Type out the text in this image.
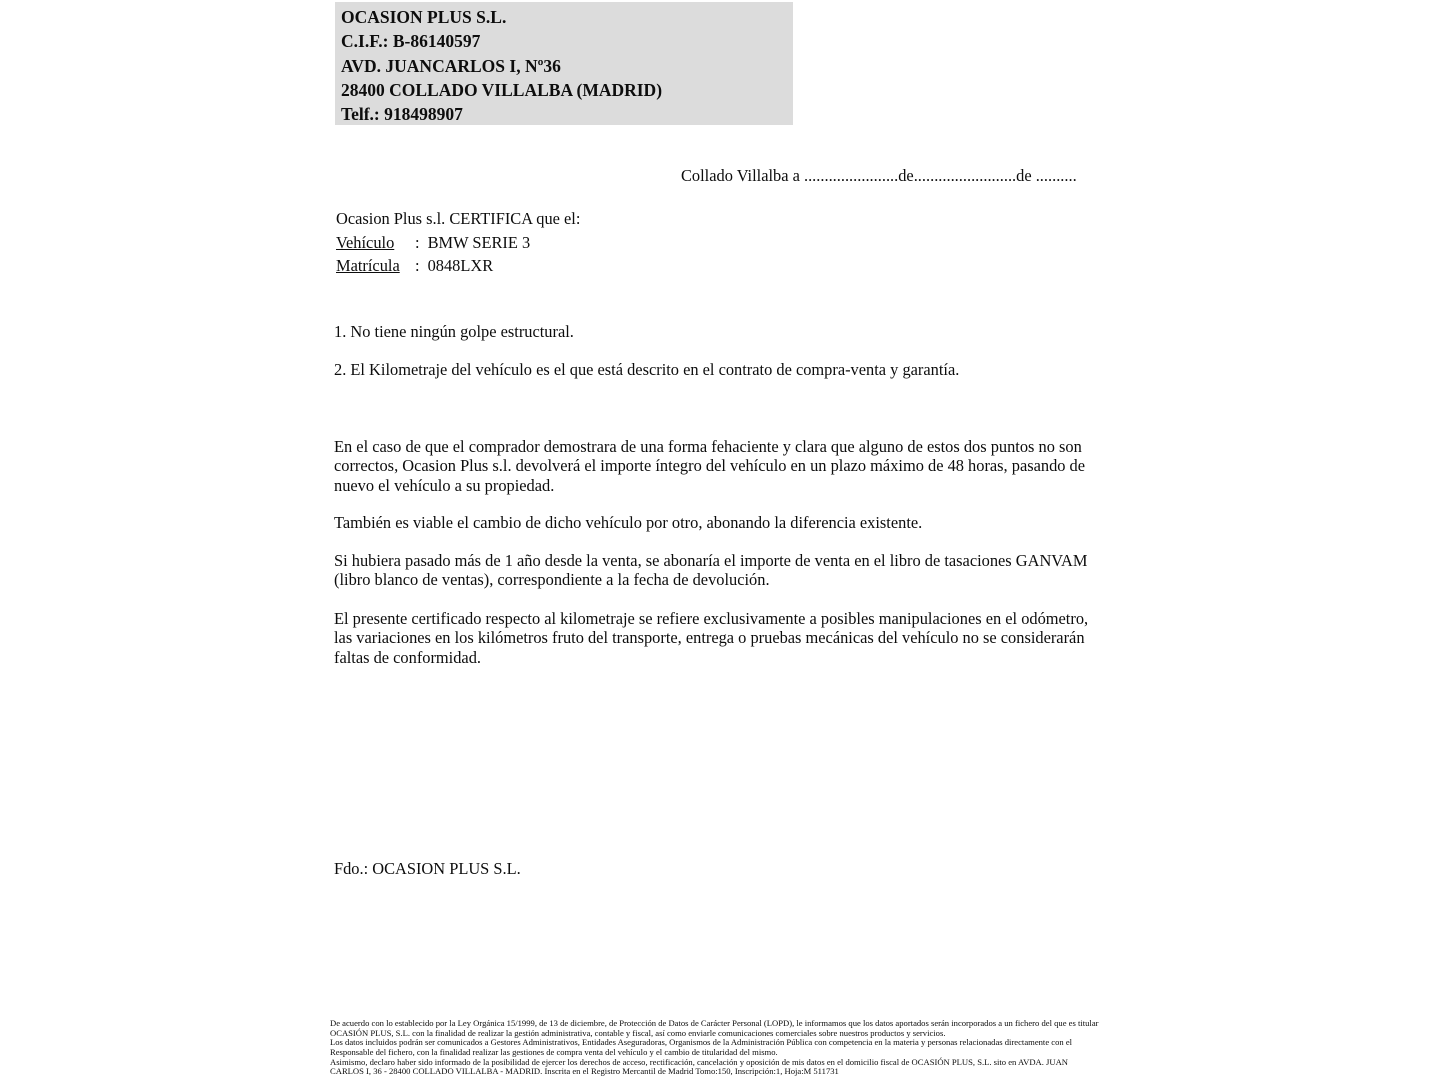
OCASION PLUS S.L.
C.I.F.: B-86140597
AVD. JUANCARLOS I, Nº36
28400 COLLADO VILLALBA (MADRID)
Telf.: 918498907
Collado Villalba a .......................de.........................de ..........
Ocasion Plus s.l. CERTIFICA que el:
Vehículo : BMW SERIE 3
Matrícula : 0848LXR
1. No tiene ningún golpe estructural.
2. El Kilometraje del vehículo es el que está descrito en el contrato de compra-venta y garantía.
En el caso de que el comprador demostrara de una forma fehaciente y clara que alguno de estos dos puntos no son correctos, Ocasion Plus s.l. devolverá el importe íntegro del vehículo en un plazo máximo de 48 horas, pasando de nuevo el vehículo a su propiedad.
También es viable el cambio de dicho vehículo por otro, abonando la diferencia existente.
Si hubiera pasado más de 1 año desde la venta, se abonaría el importe de venta en el libro de tasaciones GANVAM (libro blanco de ventas), correspondiente a la fecha de devolución.
El presente certificado respecto al kilometraje se refiere exclusivamente a posibles manipulaciones en el odómetro, las variaciones en los kilómetros fruto del transporte, entrega o pruebas mecánicas del vehículo no se considerarán faltas de conformidad.
Fdo.: OCASION PLUS S.L.
De acuerdo con lo establecido por la Ley Orgánica 15/1999, de 13 de diciembre, de Protección de Datos de Carácter Personal (LOPD), le informamos que los datos aportados serán incorporados a un fichero del que es titular
OCASIÓN PLUS, S.L. con la finalidad de realizar la gestión administrativa, contable y fiscal, así como enviarle comunicaciones comerciales sobre nuestros productos y servicios.
Los datos incluidos podrán ser comunicados a Gestores Administrativos, Entidades Aseguradoras, Organismos de la Administración Pública con competencia en la materia y personas relacionadas directamente con el
Responsable del fichero, con la finalidad realizar las gestiones de compra venta del vehículo y el cambio de titularidad del mismo.
Asimismo, declaro haber sido informado de la posibilidad de ejercer los derechos de acceso, rectificación, cancelación y oposición de mis datos en el domicilio fiscal de OCASIÓN PLUS, S.L. sito en AVDA. JUAN
CARLOS I, 36 - 28400 COLLADO VILLALBA - MADRID. Inscrita en el Registro Mercantil de Madrid Tomo:150, Inscripción:1, Hoja:M 511731
